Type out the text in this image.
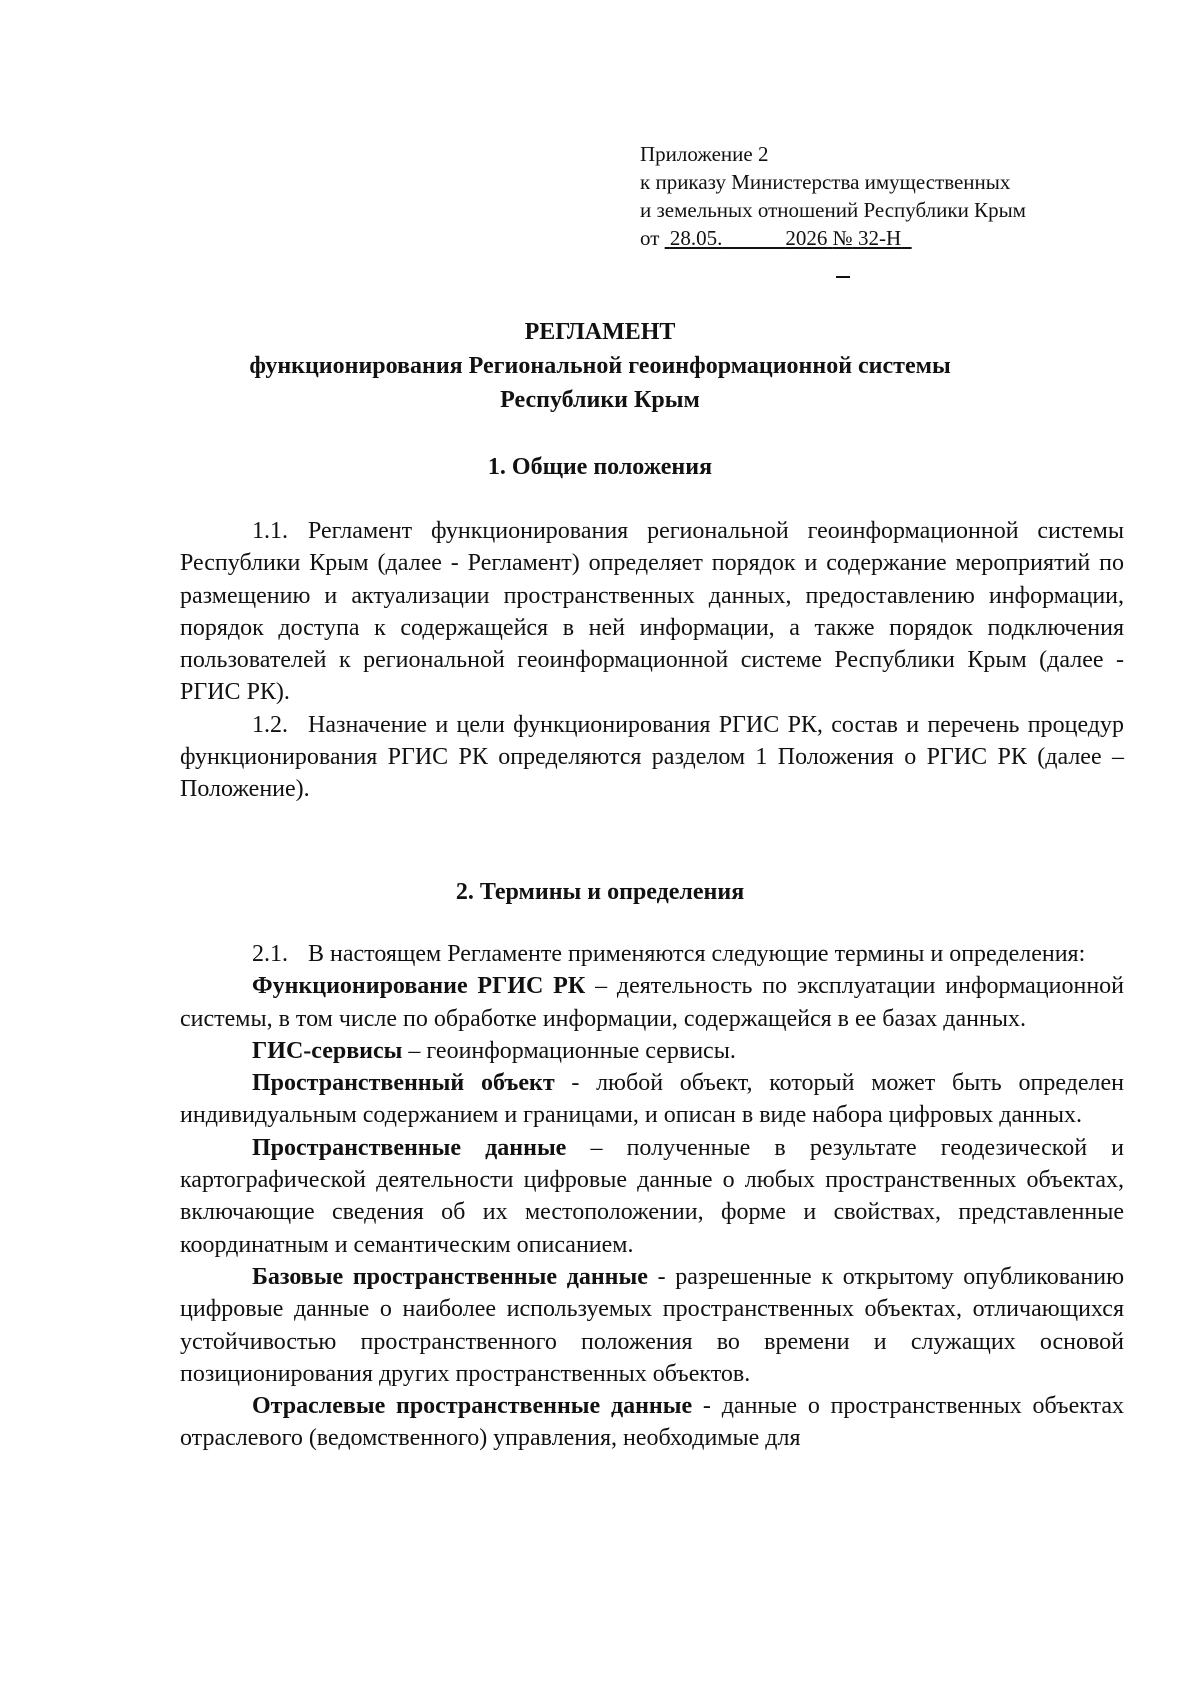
Приложение 2
к приказу Министерства имущественных
и земельных отношений Республики Крым
от 28.05.	2026 № 32-Н
РЕГЛАМЕНТ
функционирования Региональной геоинформационной системы
Республики Крым
1. Общие положения

1.1. Регламент функционирования региональной геоинформационной системы Республики Крым (далее - Регламент) определяет порядок и содержание мероприятий по размещению и актуализации пространственных данных, предоставлению информации, порядок доступа к содержащейся в ней информации, а также порядок подключения пользователей к региональной геоинформационной системе Республики Крым (далее - РГИС РК).

1.2. Назначение и цели функционирования РГИС РК, состав и перечень процедур функционирования РГИС РК определяются разделом 1 Положения о РГИС РК (далее – Положение).

2. Термины и определения

2.1. В настоящем Регламенте применяются следующие термины и определения:

Функционирование РГИС РК – деятельность по эксплуатации информационной системы, в том числе по обработке информации, содержащейся в ее базах данных.

ГИС-сервисы – геоинформационные сервисы.

Пространственный объект - любой объект, который может быть определен индивидуальным содержанием и границами, и описан в виде набора цифровых данных.

Пространственные данные – полученные в результате геодезической и картографической деятельности цифровые данные о любых пространственных объектах, включающие сведения об их местоположении, форме и свойствах, представленные координатным и семантическим описанием.

Базовые пространственные данные - разрешенные к открытому опубликованию цифровые данные о наиболее используемых пространственных объектах, отличающихся устойчивостью пространственного положения во времени и служащих основой позиционирования других пространственных объектов.

Отраслевые пространственные данные - данные о пространственных объектах отраслевого (ведомственного) управления, необходимые для
